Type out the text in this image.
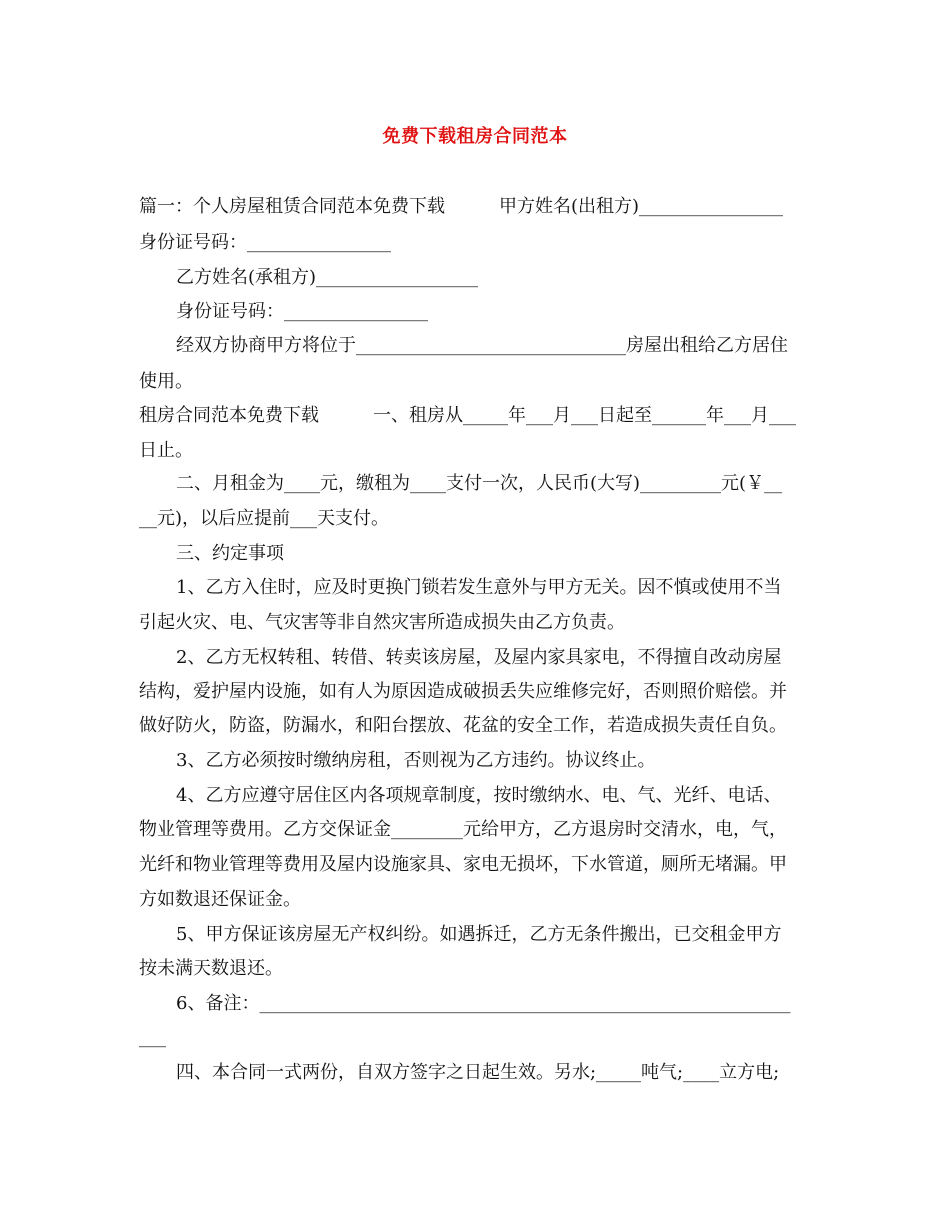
免费下载租房合同范本
篇一：个人房屋租赁合同范本免费下载　　　甲方姓名(出租方)________________
身份证号码：________________
乙方姓名(承租方)__________________
身份证号码：________________
经双方协商甲方将位于______________________________房屋出租给乙方居住
使用。
租房合同范本免费下载　　　一、租房从_____年___月___日起至______年___月___
日止。
二、月租金为____元，缴租为____支付一次，人民币(大写)_________元(￥__
__元)，以后应提前___天支付。
三、约定事项
1、乙方入住时，应及时更换门锁若发生意外与甲方无关。因不慎或使用不当
引起火灾、电、气灾害等非自然灾害所造成损失由乙方负责。
2、乙方无权转租、转借、转卖该房屋，及屋内家具家电，不得擅自改动房屋
结构，爱护屋内设施，如有人为原因造成破损丢失应维修完好，否则照价赔偿。并
做好防火，防盗，防漏水，和阳台摆放、花盆的安全工作，若造成损失责任自负。
3、乙方必须按时缴纳房租，否则视为乙方违约。协议终止。
4、乙方应遵守居住区内各项规章制度，按时缴纳水、电、气、光纤、电话、
物业管理等费用。乙方交保证金________元给甲方，乙方退房时交清水，电，气，
光纤和物业管理等费用及屋内设施家具、家电无损坏，下水管道，厕所无堵漏。甲
方如数退还保证金。
5、甲方保证该房屋无产权纠纷。如遇拆迁，乙方无条件搬出，已交租金甲方
按未满天数退还。
6、备注：___________________________________________________________
___
四、本合同一式两份，自双方签字之日起生效。另水;_____吨气;____立方电;
